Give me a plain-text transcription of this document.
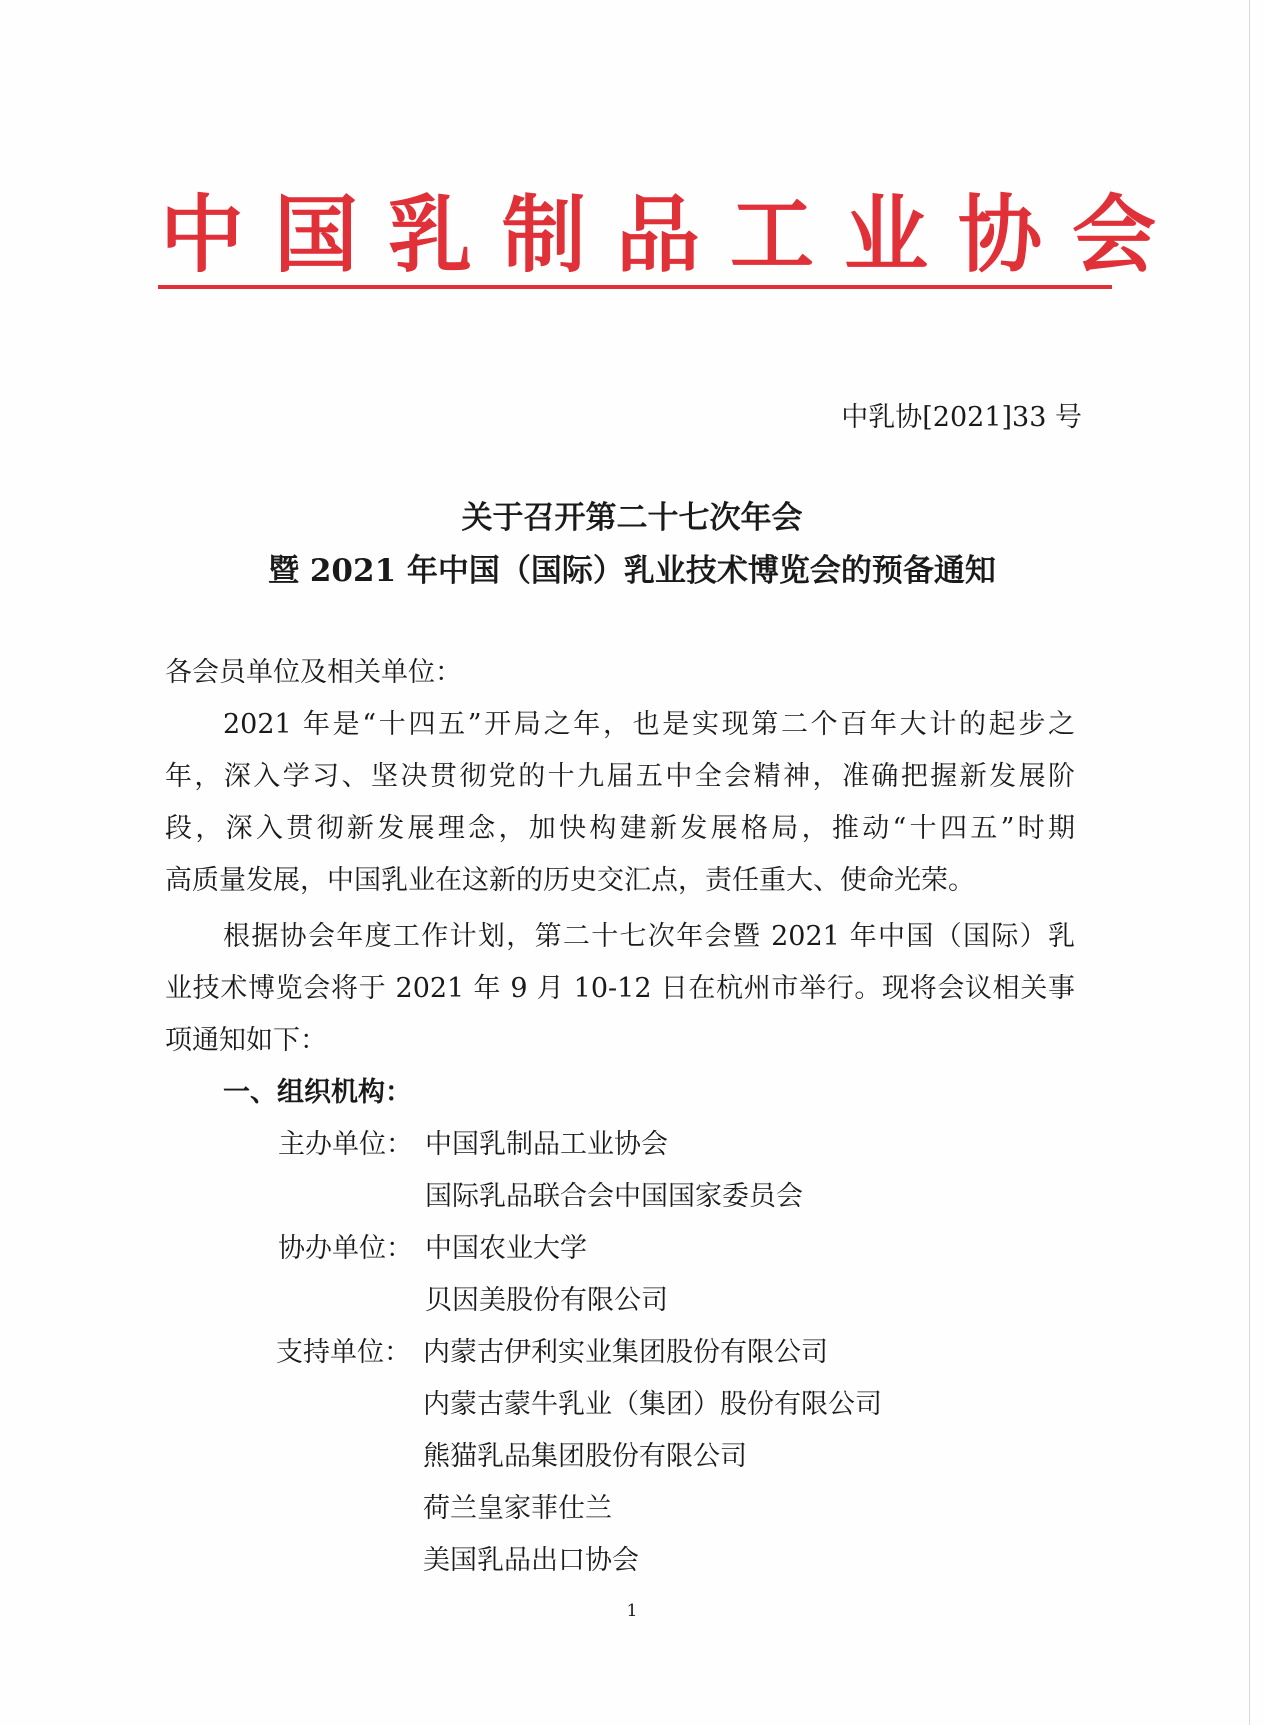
中国乳制品工业协会
中乳协[2021]33 号
关于召开第二十七次年会
暨 2021 年中国（国际）乳业技术博览会的预备通知
各会员单位及相关单位：
2021 年是“十四五”开局之年，也是实现第二个百年大计的起步之
年，深入学习、坚决贯彻党的十九届五中全会精神，准确把握新发展阶
段，深入贯彻新发展理念，加快构建新发展格局，推动“十四五”时期
高质量发展，中国乳业在这新的历史交汇点，责任重大、使命光荣。
根据协会年度工作计划，第二十七次年会暨 2021 年中国（国际）乳
业技术博览会将于 2021 年 9 月 10-12 日在杭州市举行。现将会议相关事
项通知如下：
一、组织机构：
主办单位： 中国乳制品工业协会
国际乳品联合会中国国家委员会
协办单位： 中国农业大学
贝因美股份有限公司
支持单位： 内蒙古伊利实业集团股份有限公司
内蒙古蒙牛乳业（集团）股份有限公司
熊猫乳品集团股份有限公司
荷兰皇家菲仕兰
美国乳品出口协会
1
